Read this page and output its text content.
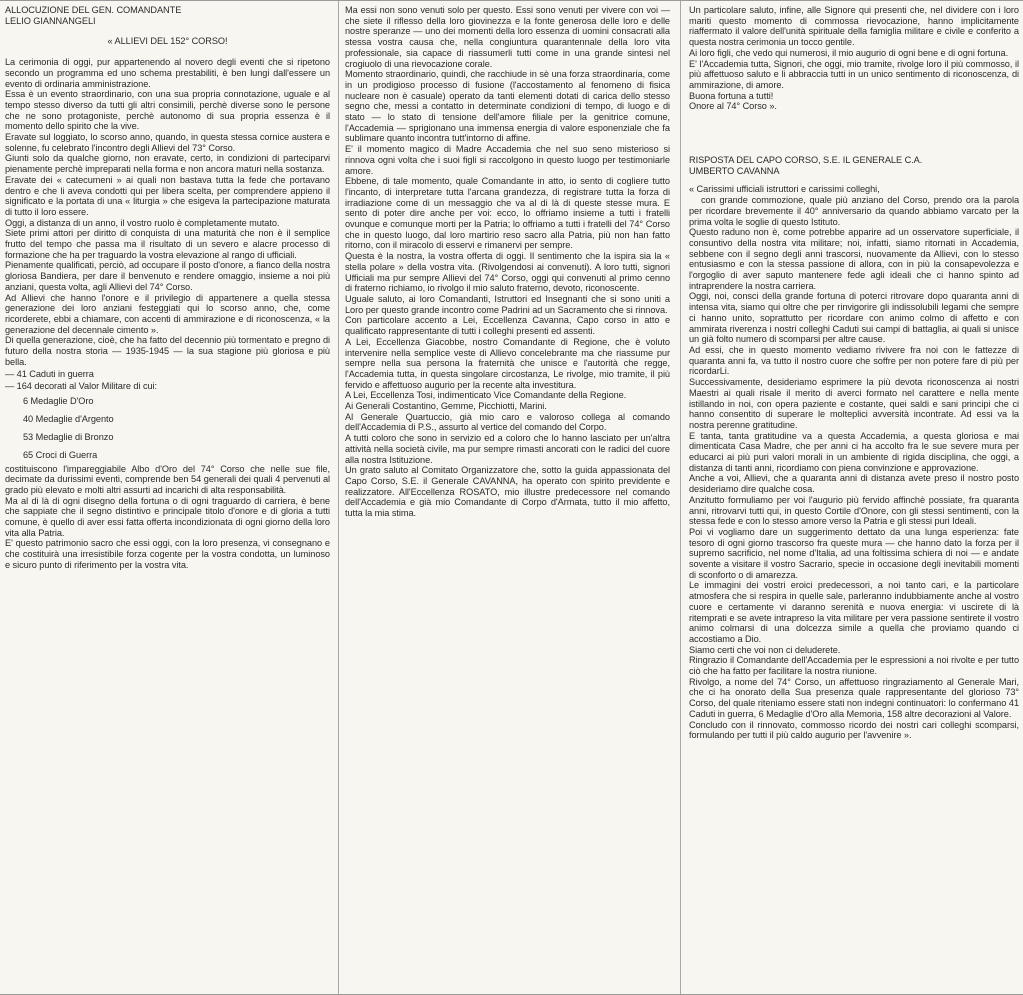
ALLOCUZIONE DEL GEN. COMANDANTE

LELIO GIANNANGELI

« ALLIEVI DEL 152° CORSO!

La cerimonia di oggi, pur appartenendo al novero degli eventi che si ripetono secondo un programma ed uno schema prestabiliti, è ben lungi dall'essere un evento di ordinaria amministrazione.

Essa è un evento straordinario, con una sua propria connotazione, uguale e al tempo stesso diverso da tutti gli altri consimili, perchè diverse sono le persone che ne sono protagoniste, perchè autonomo di sua propria essenza è il momento dello spirito che la vive.

Eravate sul loggiato, lo scorso anno, quando, in questa stessa cornice austera e solenne, fu celebrato l'incontro degli Allievi del 73° Corso.

Giunti solo da qualche giorno, non eravate, certo, in condizioni di parteciparvi pienamente perchè impreparati nella forma e non ancora maturi nella sostanza.

Eravate dei « catecumeni » ai quali non bastava tutta la fede che portavano dentro e che li aveva condotti qui per libera scelta, per comprendere appieno il significato e la portata di una « liturgia » che esigeva la partecipazione maturata di tutto il loro essere.

Oggi, a distanza di un anno, il vostro ruolo è completamente mutato.

Siete primi attori per diritto di conquista di una maturità che non è il semplice frutto del tempo che passa ma il risultato di un severo e alacre processo di formazione che ha per traguardo la vostra elevazione al rango di ufficiali.

Pienamente qualificati, perciò, ad occupare il posto d'onore, a fianco della nostra gloriosa Bandiera, per dare il benvenuto e rendere omaggio, insieme a noi più anziani, questa volta, agli Allievi del 74° Corso.

Ad Allievi che hanno l'onore e il privilegio di appartenere a quella stessa generazione dei loro anziani festeggiati qui lo scorso anno, che, come ricorderete, ebbi a chiamare, con accenti di ammirazione e di riconoscenza, « la generazione del decennale cimento ».

Di quella generazione, cioè, che ha fatto del decennio più tormentato e pregno di futuro della nostra storia — 1935-1945 — la sua stagione più gloriosa e più bella.

— 41 Caduti in guerra
— 164 decorati al Valor Militare di cui:
6 Medaglie D'Oro
40 Medaglie d'Argento
53 Medaglie di Bronzo
65 Croci di Guerra

costituiscono l'impareggiabile Albo d'Oro del 74° Corso che nelle sue file, decimate da durissimi eventi, comprende ben 54 generali dei quali 4 pervenuti al grado più elevato e molti altri assurti ad incarichi di alta responsabilità.

Ma al di là di ogni disegno della fortuna o di ogni traguardo di carriera, è bene che sappiate che il segno distintivo e principale titolo d'onore e di gloria a tutti comune, è quello di aver essi fatta offerta incondizionata di ogni giorno della loro vita alla Patria.

E' questo patrimonio sacro che essi oggi, con la loro presenza, vi consegnano e che costituirà una irresistibile forza cogente per la vostra condotta, un luminoso e sicuro punto di riferimento per la vostra vita.

Ma essi non sono venuti solo per questo. Essi sono venuti per vivere con voi — che siete il riflesso della loro giovinezza e la fonte generosa delle loro e delle nostre speranze — uno dei momenti della loro essenza di uomini consacrati alla stessa vostra causa che, nella congiuntura quarantennale della loro vita professionale, sia capace di riassumerli tutti come in una grande sintesi nel crogiuolo di una rievocazione corale.

Momento straordinario, quindi, che racchiude in sè una forza straordinaria, come in un prodigioso processo di fusione (l'accostamento al fenomeno di fisica nucleare non è casuale) operato da tanti elementi dotati di carica dello stesso segno che, messi a contatto in determinate condizioni di tempo, di luogo e di stato — lo stato di tensione dell'amore filiale per la genitrice comune, l'Accademia — sprigionano una immensa energia di valore esponenziale che fa sublimare quanto incontra tutt'intorno di affine.

E' il momento magico di Madre Accademia che nel suo seno misterioso si rinnova ogni volta che i suoi figli si raccolgono in questo luogo per testimoniarle amore.

Ebbene, di tale momento, quale Comandante in atto, io sento di cogliere tutto l'incanto, di interpretare tutta l'arcana grandezza, di registrare tutta la forza di irradiazione come di un messaggio che va al di là di queste stesse mura. E sento di poter dire anche per voi: ecco, lo offriamo insieme a tutti i fratelli ovunque e comunque morti per la Patria; lo offriamo a tutti i fratelli del 74° Corso che in questo luogo, dal loro martirio reso sacro alla Patria, più non han fatto ritorno, con il miracolo di esservi e rimanervi per sempre.

Questa è la nostra, la vostra offerta di oggi. Il sentimento che la ispira sia la « stella polare » della vostra vita. (Rivolgendosi ai convenuti). A loro tutti, signori Ufficiali ma pur sempre Allievi del 74° Corso, oggi qui convenuti al primo cenno di fraterno richiamo, io rivolgo il mio saluto fraterno, devoto, riconoscente.

Uguale saluto, ai loro Comandanti, Istruttori ed Insegnanti che si sono uniti a Loro per questo grande incontro come Padrini ad un Sacramento che si rinnova.

Con particolare accento a Lei, Eccellenza Cavanna, Capo corso in atto e qualificato rappresentante di tutti i colleghi presenti ed assenti.

A Lei, Eccellenza Giacobbe, nostro Comandante di Regione, che è voluto intervenire nella semplice veste di Allievo concelebrante ma che riassume pur sempre nella sua persona la fraternità che unisce e l'autorità che regge, l'Accademia tutta, in questa singolare circostanza, Le rivolge, mio tramite, il più fervido e affettuoso augurio per la recente alta investitura.

A Lei, Eccellenza Tosi, indimenticato Vice Comandante della Regione.

Ai Generali Costantino, Gemme, Picchiotti, Marini.

Al Generale Quartuccio, già mio caro e valoroso collega al comando dell'Accademia di P.S., assurto al vertice del comando del Corpo.

A tutti coloro che sono in servizio ed a coloro che lo hanno lasciato per un'altra attività nella società civile, ma pur sempre rimasti ancorati con le radici del cuore alla nostra Istituzione.

Un grato saluto al Comitato Organizzatore che, sotto la guida appassionata del Capo Corso, S.E. il Generale CAVANNA, ha operato con spirito previdente e realizzatore. All'Eccellenza ROSATO, mio illustre predecessore nel comando dell'Accademia e già mio Comandante di Corpo d'Armata, tutto il mio affetto, tutta la mia stima.

Un particolare saluto, infine, alle Signore qui presenti che, nel dividere con i loro mariti questo momento di commossa rievocazione, hanno implicitamente riaffermato il valore dell'unità spirituale della famiglia militare e civile e conferito a questa nostra cerimonia un tocco gentile.

Ai loro figli, che vedo qui numerosi, il mio augurio di ogni bene e di ogni fortuna.

E' l'Accademia tutta, Signori, che oggi, mio tramite, rivolge loro il più commosso, il più affettuoso saluto e li abbraccia tutti in un unico sentimento di riconoscenza, di ammirazione, di amore.

Buona fortuna a tutti!

Onore al 74° Corso ».

RISPOSTA DEL CAPO CORSO, S.E. IL GENERALE C.A.

UMBERTO CAVANNA

« Carissimi ufficiali istruttori e carissimi colleghi,

con grande commozione, quale più anziano del Corso, prendo ora la parola per ricordare brevemente il 40° anniversario da quando abbiamo varcato per la prima volta le soglie di questo Istituto.

Questo raduno non è, come potrebbe apparire ad un osservatore superficiale, il consuntivo della nostra vita militare; noi, infatti, siamo ritornati in Accademia, sebbene con il segno degli anni trascorsi, nuovamente da Allievi, con lo stesso entusiasmo e con la stessa passione di allora, con in più la consapevolezza e l'orgoglio di aver saputo mantenere fede agli ideali che ci hanno spinto ad intraprendere la nostra carriera.

Oggi, noi, consci della grande fortuna di poterci ritrovare dopo quaranta anni di intensa vita, siamo qui oltre che per rinvigorire gli indissolubili legami che sempre ci hanno unito, soprattutto per ricordare con animo colmo di affetto e con ammirata riverenza i nostri colleghi Caduti sui campi di battaglia, ai quali si unisce un già folto numero di scomparsi per altre cause.

Ad essi, che in questo momento vediamo rivivere fra noi con le fattezze di quaranta anni fa, va tutto il nostro cuore che soffre per non potere fare di più per ricordarLi.

Successivamente, desideriamo esprimere la più devota riconoscenza ai nostri Maestri ai quali risale il merito di averci formato nel carattere e nella mente istillando in noi, con opera paziente e costante, quei saldi e sani principi che ci hanno consentito di superare le molteplici avversità incontrate. Ad essi va la nostra perenne gratitudine.

E tanta, tanta gratitudine va a questa Accademia, a questa gloriosa e mai dimenticata Casa Madre, che per anni ci ha accolto fra le sue severe mura per educarci ai più puri valori morali in un ambiente di rigida disciplina, che oggi, a distanza di tanti anni, ricordiamo con piena convinzione e approvazione.

Anche a voi, Allievi, che a quaranta anni di distanza avete preso il nostro posto desideriamo dire qualche cosa.

Anzitutto formuliamo per voi l'augurio più fervido affinchè possiate, fra quaranta anni, ritrovarvi tutti qui, in questo Cortile d'Onore, con gli stessi sentimenti, con la stessa fede e con lo stesso amore verso la Patria e gli stessi puri Ideali.

Poi vi vogliamo dare un suggerimento dettato da una lunga esperienza: fate tesoro di ogni giorno trascorso fra queste mura — che hanno dato la forza per il supremo sacrificio, nel nome d'Italia, ad una foltissima schiera di noi — e andate sovente a visitare il vostro Sacrario, specie in occasione degli inevitabili momenti di sconforto o di amarezza.

Le immagini dei vostri eroici predecessori, a noi tanto cari, e la particolare atmosfera che si respira in quelle sale, parleranno indubbiamente anche al vostro cuore e certamente vi daranno serenità e nuova energia: vi uscirete di là ritemprati e se avete intrapreso la vita militare per vera passione sentirete il vostro animo colmarsi di una dolcezza simile a quella che proviamo quando ci accostiamo a Dio.

Siamo certi che voi non ci deluderete.

Ringrazio il Comandante dell'Accademia per le espressioni a noi rivolte e per tutto ciò che ha fatto per facilitare la nostra riunione.

Rivolgo, a nome del 74° Corso, un affettuoso ringraziamento al Generale Mari, che ci ha onorato della Sua presenza quale rappresentante del glorioso 73° Corso, del quale riteniamo essere stati non indegni continuatori: lo confermano 41 Caduti in guerra, 6 Medaglie d'Oro alla Memoria, 158 altre decorazioni al Valore.

Concludo con il rinnovato, commosso ricordo dei nostri cari colleghi scomparsi, formulando per tutti il più caldo augurio per l'avvenire ».
